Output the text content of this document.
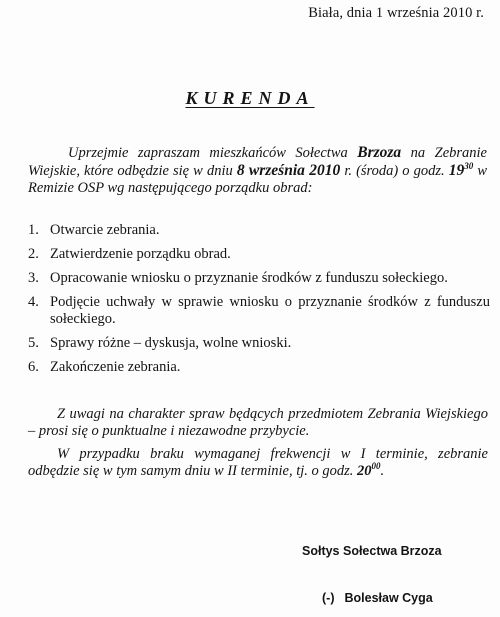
Biała, dnia 1 września 2010 r.
KURENDA
Uprzejmie zapraszam mieszkańców Sołectwa Brzoza na Zebranie Wiejskie, które odbędzie się w dniu 8 września 2010 r. (środa) o godz. $19^{30}$ w Remizie OSP wg następującego porządku obrad:
1. Otwarcie zebrania.
2. Zatwierdzenie porządku obrad.
3. Opracowanie wniosku o przyznanie środków z funduszu sołeckiego.
4. Podjęcie uchwały w sprawie wniosku o przyznanie środków z funduszu sołeckiego.
5. Sprawy różne – dyskusja, wolne wnioski.
6. Zakończenie zebrania.
Z uwagi na charakter spraw będących przedmiotem Zebrania Wiejskiego – prosi się o punktualne i niezawodne przybycie.
W przypadku braku wymaganej frekwencji w I terminie, zebranie odbędzie się w tym samym dniu w II terminie, tj. o godz. $20^{00}$.
Sołtys Sołectwa Brzoza
(-) Bolesław Cyga
